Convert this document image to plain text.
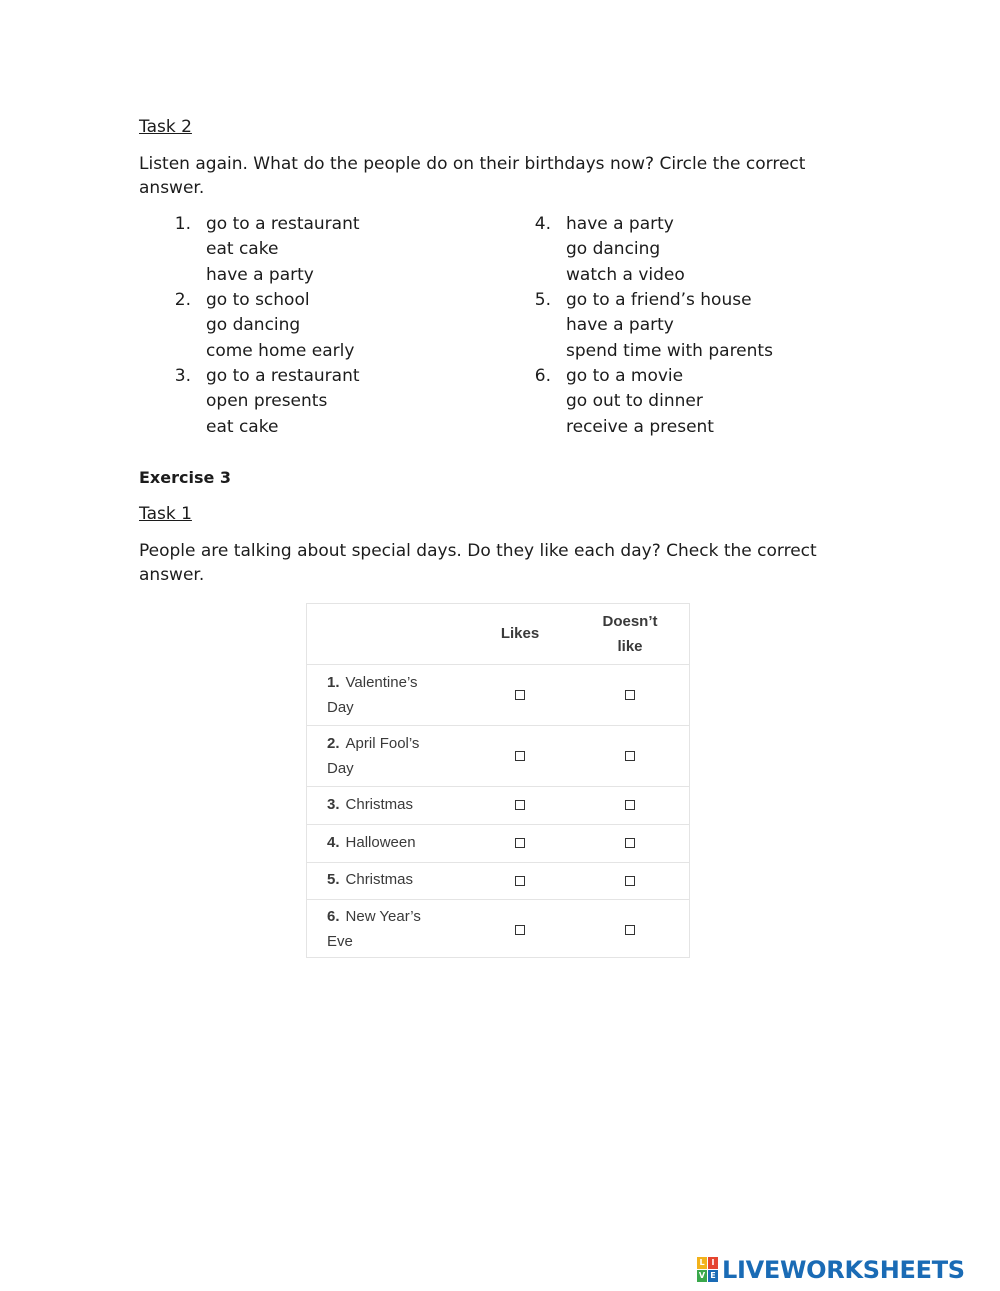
Task 2
Listen again. What do the people do on their birthdays now? Circle the correct
answer.
1. go to a restaurant
eat cake
have a party
2. go to school
go dancing
come home early
3. go to a restaurant
open presents
eat cake
4. have a party
go dancing
watch a video
5. go to a friend’s house
have a party
spend time with parents
6. go to a movie
go out to dinner
receive a present
Exercise 3
Task 1
People are talking about special days. Do they like each day? Check the correct
answer.
Likes
Doesn’t
like
1. Valentine’s
Day
2. April Fool’s
Day
3. Christmas
4. Halloween
5. Christmas
6. New Year’s
Eve
L I
V E LIVEWORKSHEETS
